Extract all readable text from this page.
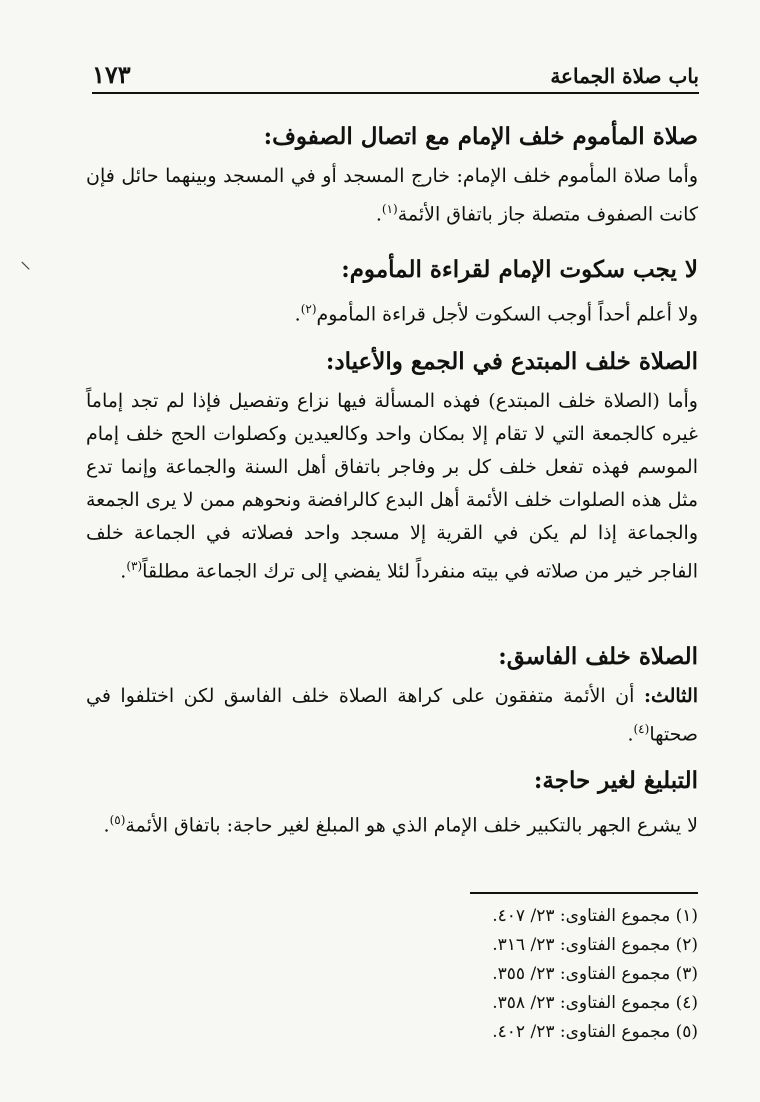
باب صلاة الجماعة
١٧٣
⸜
صلاة المأموم خلف الإمام مع اتصال الصفوف:

وأما صلاة المأموم خلف الإمام: خارج المسجد أو في المسجد وبينهما حائل فإن كانت الصفوف متصلة جاز باتفاق الأئمة$^{(١)}$.

لا يجب سكوت الإمام لقراءة المأموم:

ولا أعلم أحداً أوجب السكوت لأجل قراءة المأموم$^{(٢)}$.

الصلاة خلف المبتدع في الجمع والأعياد:

وأما (الصلاة خلف المبتدع) فهذه المسألة فيها نزاع وتفصيل فإذا لم تجد إماماً غيره كالجمعة التي لا تقام إلا بمكان واحد وكالعيدين وكصلوات الحج خلف إمام الموسم فهذه تفعل خلف كل بر وفاجر باتفاق أهل السنة والجماعة وإنما تدع مثل هذه الصلوات خلف الأئمة أهل البدع كالرافضة ونحوهم ممن لا يرى الجمعة والجماعة إذا لم يكن في القرية إلا مسجد واحد فصلاته في الجماعة خلف الفاجر خير من صلاته في بيته منفرداً لئلا يفضي إلى ترك الجماعة مطلقاً$^{(٣)}$.

الصلاة خلف الفاسق:

الثالث: أن الأئمة متفقون على كراهة الصلاة خلف الفاسق لكن اختلفوا في صحتها$^{(٤)}$.

التبليغ لغير حاجة:

لا يشرع الجهر بالتكبير خلف الإمام الذي هو المبلغ لغير حاجة: باتفاق الأئمة$^{(٥)}$.

(١) مجموع الفتاوى: ٢٣/ ٤٠٧.
(٢) مجموع الفتاوى: ٢٣/ ٣١٦.
(٣) مجموع الفتاوى: ٢٣/ ٣٥٥.
(٤) مجموع الفتاوى: ٢٣/ ٣٥٨.
(٥) مجموع الفتاوى: ٢٣/ ٤٠٢.
